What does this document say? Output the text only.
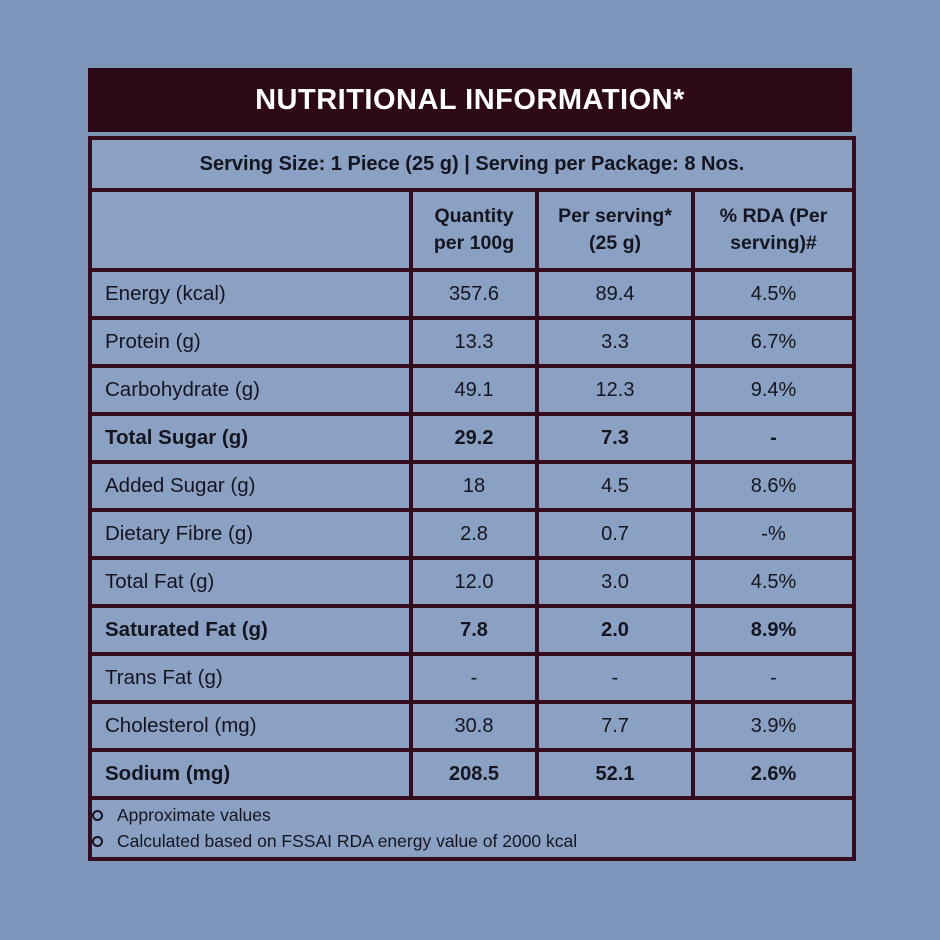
NUTRITIONAL INFORMATION*
Serving Size: 1 Piece (25 g) | Serving per Package: 8 Nos.			
	Quantity per 100g	Per serving* (25 g)	% RDA (Per serving)#
Energy (kcal)	357.6	89.4	4.5%
Protein (g)	13.3	3.3	6.7%
Carbohydrate (g)	49.1	12.3	9.4%
Total Sugar (g)	29.2	7.3	-
Added Sugar (g)	18	4.5	8.6%
Dietary Fibre (g)	2.8	0.7	-%
Total Fat (g)	12.0	3.0	4.5%
Saturated Fat (g)	7.8	2.0	8.9%
Trans Fat (g)	-	-	-
Cholesterol (mg)	30.8	7.7	3.9%
Sodium (mg)	208.5	52.1	2.6%

Approximate values
Calculated based on FSSAI RDA energy value of 2000 kcal			
